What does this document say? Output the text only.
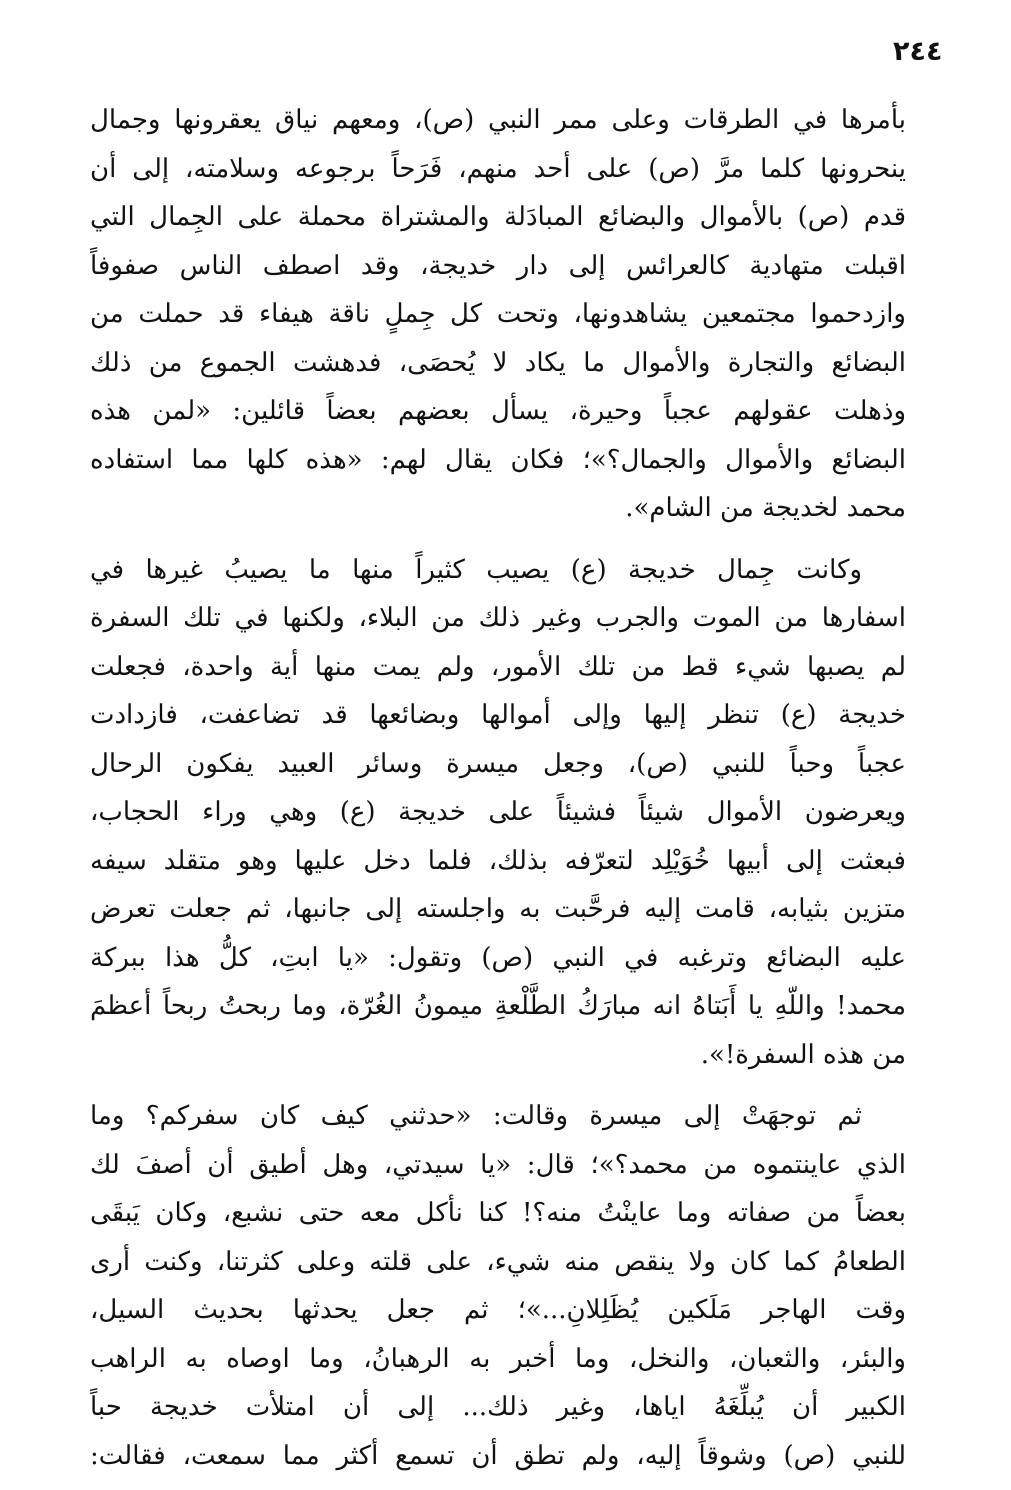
٢٤٤
بأمرها في الطرقات وعلى ممر النبي (ص)، ومعهم نياق يعقرونها وجمال
ينحرونها كلما مرَّ (ص) على أحد منهم، فَرَحاً برجوعه وسلامته، إلى أن
قدم (ص) بالأموال والبضائع المبادَلة والمشتراة محملة على الجِمال التي
اقبلت متهادية كالعرائس إلى دار خديجة، وقد اصطف الناس صفوفاً
وازدحموا مجتمعين يشاهدونها، وتحت كل جِملٍ ناقة هيفاء قد حملت من
البضائع والتجارة والأموال ما يكاد لا يُحصَى، فدهشت الجموع من ذلك
وذهلت عقولهم عجباً وحيرة، يسأل بعضهم بعضاً قائلين: «لمن هذه
البضائع والأموال والجمال؟»؛ فكان يقال لهم: «هذه كلها مما استفاده
محمد لخديجة من الشام».
وكانت جِمال خديجة (ع) يصيب كثيراً منها ما يصيبُ غيرها في
اسفارها من الموت والجرب وغير ذلك من البلاء، ولكنها في تلك السفرة
لم يصبها شيء قط من تلك الأمور، ولم يمت منها أية واحدة، فجعلت
خديجة (ع) تنظر إليها وإلى أموالها وبضائعها قد تضاعفت، فازدادت
عجباً وحباً للنبي (ص)، وجعل ميسرة وسائر العبيد يفكون الرحال
ويعرضون الأموال شيئاً فشيئاً على خديجة (ع) وهي وراء الحجاب،
فبعثت إلى أبيها خُوَيْلِد لتعرّفه بذلك، فلما دخل عليها وهو متقلد سيفه
متزين بثيابه، قامت إليه فرحَّبت به واجلسته إلى جانبها، ثم جعلت تعرض
عليه البضائع وترغبه في النبي (ص) وتقول: «يا ابتِ، كلُّ هذا ببركة
محمد! واللّهِ يا أَبَتاهُ انه مبارَكُ الطَّلْعةِ ميمونُ الغُرّة، وما ربحتُ ربحاً أعظمَ
من هذه السفرة!».
ثم توجهَتْ إلى ميسرة وقالت: «حدثني كيف كان سفركم؟ وما
الذي عاينتموه من محمد؟»؛ قال: «يا سيدتي، وهل أطيق أن أصفَ لك
بعضاً من صفاته وما عاينْتُ منه؟! كنا نأكل معه حتى نشبع، وكان يَبقَى
الطعامُ كما كان ولا ينقص منه شيء، على قلته وعلى كثرتنا، وكنت أرى
وقت الهاجر مَلَكين يُظَلِلانِ...»؛ ثم جعل يحدثها بحديث السيل،
والبئر، والثعبان، والنخل، وما أخبر به الرهبانُ، وما اوصاه به الراهب
الكبير أن يُبلِّغَهُ اياها، وغير ذلك... إلى أن امتلأت خديجة حباً
للنبي (ص) وشوقاً إليه، ولم تطق أن تسمع أكثر مما سمعت، فقالت:
